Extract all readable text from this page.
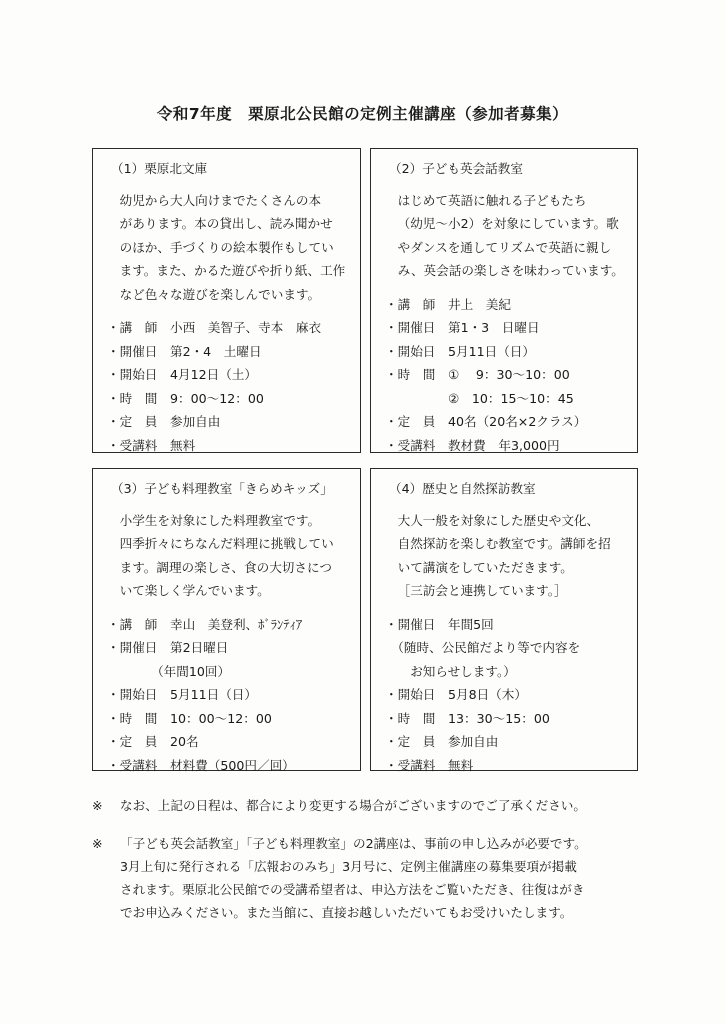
令和7年度　栗原北公民館の定例主催講座（参加者募集）
（1）栗原北文庫
幼児から大人向けまでたくさんの本
があります。本の貸出し、読み聞かせ
のほか、手づくりの絵本製作もしてい
ます。また、かるた遊びや折り紙、工作
など色々な遊びを楽しんでいます。
・講　師　小西　美智子、寺本　麻衣
・開催日　第2・4　土曜日
・開始日　4月12日（土）
・時　間　9：00～12：00
・定　員　参加自由
・受講料　無料
（2）子ども英会話教室
はじめて英語に触れる子どもたち
（幼児～小2）を対象にしています。歌
やダンスを通してリズムで英語に親し
み、英会話の楽しさを味わっています。
・講　師　井上　美紀
・開催日　第1・3　日曜日
・開始日　5月11日（日）
・時　間　①　 9：30～10：00
　　　　　②　10：15～10：45
・定　員　40名（20名×2クラス）
・受講料　教材費　年3,000円
（3）子ども料理教室「きらめキッズ」
小学生を対象にした料理教室です。
四季折々にちなんだ料理に挑戦してい
ます。調理の楽しさ、食の大切さにつ
いて楽しく学んでいます。
・講　師　幸山　美登利、ﾎﾞﾗﾝﾃｨｱ
・開催日　第2日曜日
　　　　（年間10回）
・開始日　5月11日（日）
・時　間　10：00～12：00
・定　員　20名
・受講料　材料費（500円／回）
（4）歴史と自然探訪教室
大人一般を対象にした歴史や文化、
自然探訪を楽しむ教室です。講師を招
いて講演をしていただきます。
［三訪会と連携しています。］
・開催日　年間5回
　（随時、公民館だより等で内容を
　　お知らせします。）
・開始日　5月8日（木）
・時　間　13：30～15：00
・定　員　参加自由
・受講料　無料
※ なお、上記の日程は、都合により変更する場合がございますのでご了承ください。
※ 「子ども英会話教室」「子ども料理教室」の2講座は、事前の申し込みが必要です。
3月上旬に発行される「広報おのみち」3月号に、定例主催講座の募集要項が掲載
されます。栗原北公民館での受講希望者は、申込方法をご覧いただき、往復はがき
でお申込みください。また当館に、直接お越しいただいてもお受けいたします。
